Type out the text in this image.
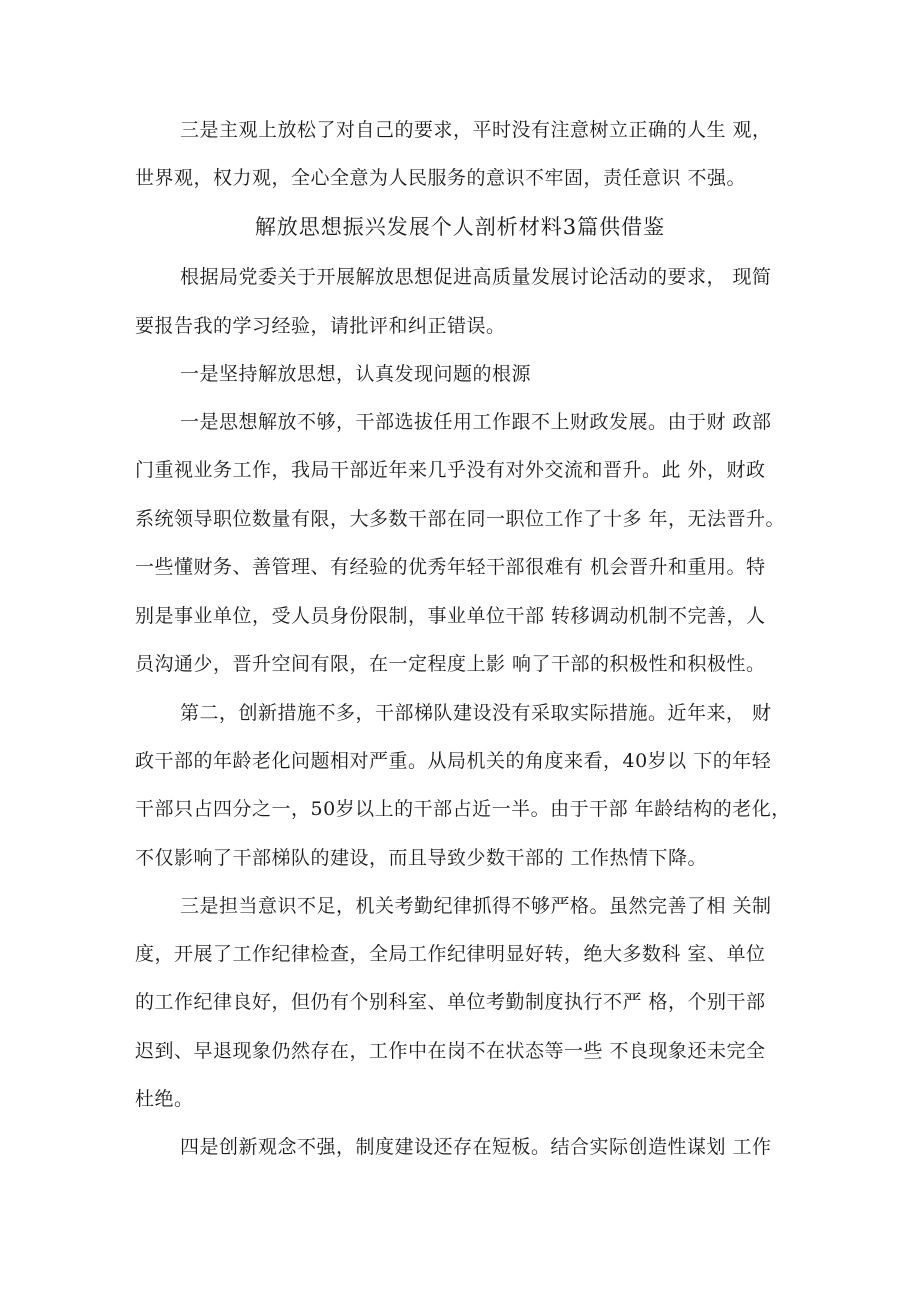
三是主观上放松了对自己的要求，平时没有注意树立正确的人生 观，
世界观，权力观，全心全意为人民服务的意识不牢固，责任意识 不强。
解放思想振兴发展个人剖析材料3篇供借鉴
根据局党委关于开展解放思想促进高质量发展讨论活动的要求， 现简
要报告我的学习经验，请批评和纠正错误。
一是坚持解放思想，认真发现问题的根源
一是思想解放不够，干部选拔任用工作跟不上财政发展。由于财 政部
门重视业务工作，我局干部近年来几乎没有对外交流和晋升。此 外，财政
系统领导职位数量有限，大多数干部在同一职位工作了十多 年，无法晋升。
一些懂财务、善管理、有经验的优秀年轻干部很难有 机会晋升和重用。特
别是事业单位，受人员身份限制，事业单位干部 转移调动机制不完善，人
员沟通少，晋升空间有限，在一定程度上影 响了干部的积极性和积极性。
第二，创新措施不多，干部梯队建设没有采取实际措施。近年来， 财
政干部的年龄老化问题相对严重。从局机关的角度来看，40岁以 下的年轻
干部只占四分之一，50岁以上的干部占近一半。由于干部 年龄结构的老化，
不仅影响了干部梯队的建设，而且导致少数干部的 工作热情下降。
三是担当意识不足，机关考勤纪律抓得不够严格。虽然完善了相 关制
度，开展了工作纪律检查，全局工作纪律明显好转，绝大多数科 室、单位
的工作纪律良好，但仍有个别科室、单位考勤制度执行不严 格，个别干部
迟到、早退现象仍然存在，工作中在岗不在状态等一些 不良现象还未完全
杜绝。
四是创新观念不强，制度建设还存在短板。结合实际创造性谋划 工作
